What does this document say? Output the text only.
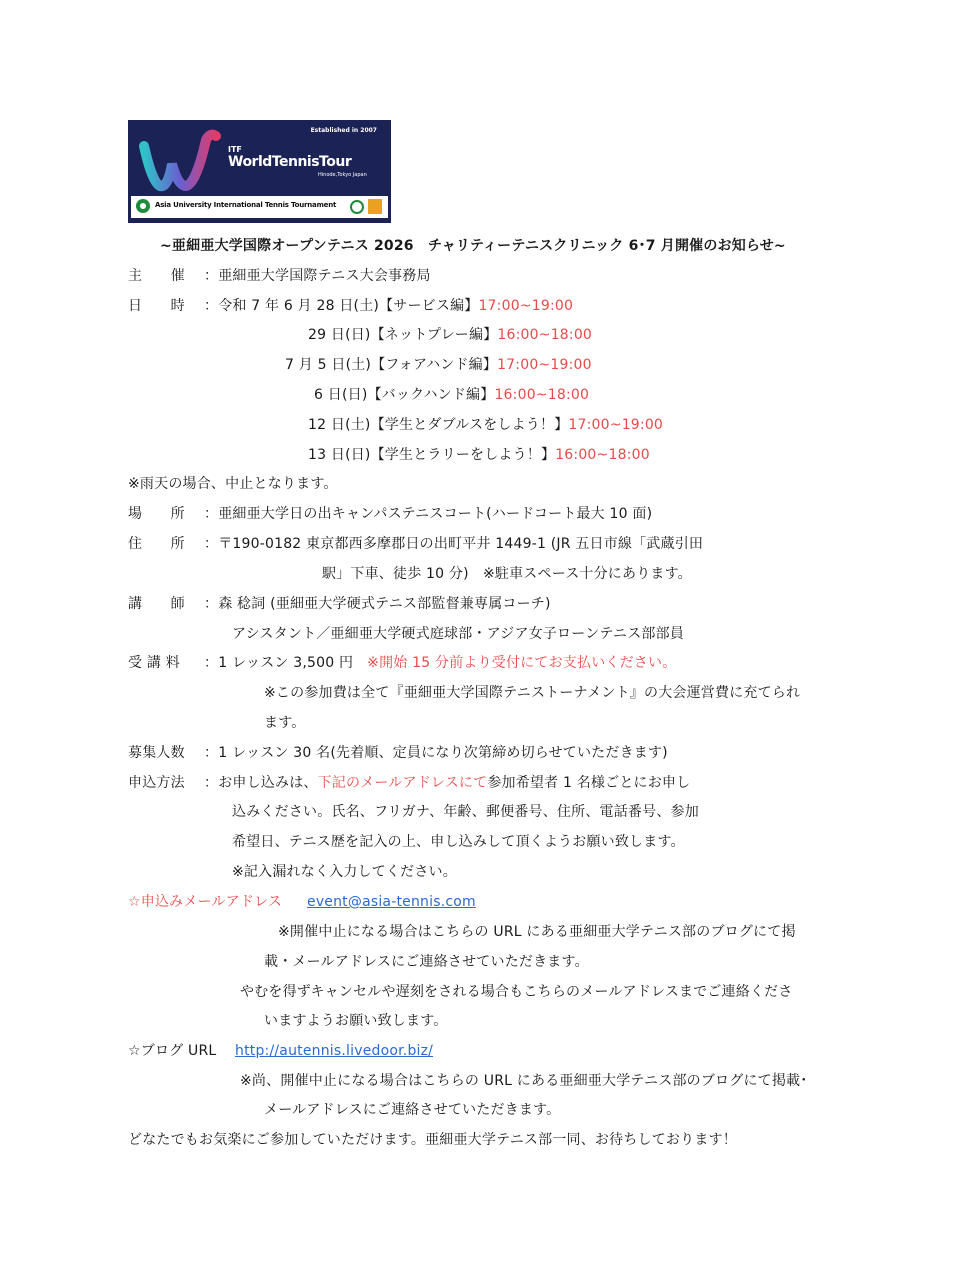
Established in 2007
ITF
WorldTennisTour
Hinode,Tokyo Japan
Asia University International Tennis Tournament
~亜細亜大学国際オープンテニス 2026　チャリティーテニスクリニック 6･7 月開催のお知らせ~
主　　催 ：亜細亜大学国際テニス大会事務局
日　　時 ：令和 7 年 6 月 28 日(土)【サービス編】17:00~19:00
29 日(日)【ネットプレー編】16:00~18:00
7 月 5 日(土)【フォアハンド編】17:00~19:00
6 日(日)【バックハンド編】16:00~18:00
12 日(土)【学生とダブルスをしよう！】17:00~19:00
13 日(日)【学生とラリーをしよう！】16:00~18:00
※雨天の場合、中止となります。
場　　所 ：亜細亜大学日の出キャンパステニスコート(ハードコート最大 10 面)
住　　所 ：〒190-0182 東京都西多摩郡日の出町平井 1449-1 (JR 五日市線「武蔵引田
駅」下車、徒歩 10 分)　※駐車スペース十分にあります。
講　　師 ：森 稔詞 (亜細亜大学硬式テニス部監督兼専属コーチ)
アシスタント／亜細亜大学硬式庭球部・アジア女子ローンテニス部部員
受 講 料 ：1 レッスン 3,500 円 ※開始 15 分前より受付にてお支払いください。
※この参加費は全て『亜細亜大学国際テニストーナメント』の大会運営費に充てられ
ます。
募集人数 ：1 レッスン 30 名(先着順、定員になり次第締め切らせていただきます)
申込方法 ：お申し込みは、下記のメールアドレスにて参加希望者 1 名様ごとにお申し
込みください。氏名、フリガナ、年齢、郵便番号、住所、電話番号、参加
希望日、テニス歴を記入の上、申し込みして頂くようお願い致します。
※記入漏れなく入力してください。
☆申込みメールアドレス event@asia-tennis.com
※開催中止になる場合はこちらの URL にある亜細亜大学テニス部のブログにて掲
載・メールアドレスにご連絡させていただきます。
やむを得ずキャンセルや遅刻をされる場合もこちらのメールアドレスまでご連絡くださ
いますようお願い致します。
☆ブログ URL http://autennis.livedoor.biz/
※尚、開催中止になる場合はこちらの URL にある亜細亜大学テニス部のブログにて掲載･
メールアドレスにご連絡させていただきます。
どなたでもお気楽にご参加していただけます。亜細亜大学テニス部一同、お待ちしております！
